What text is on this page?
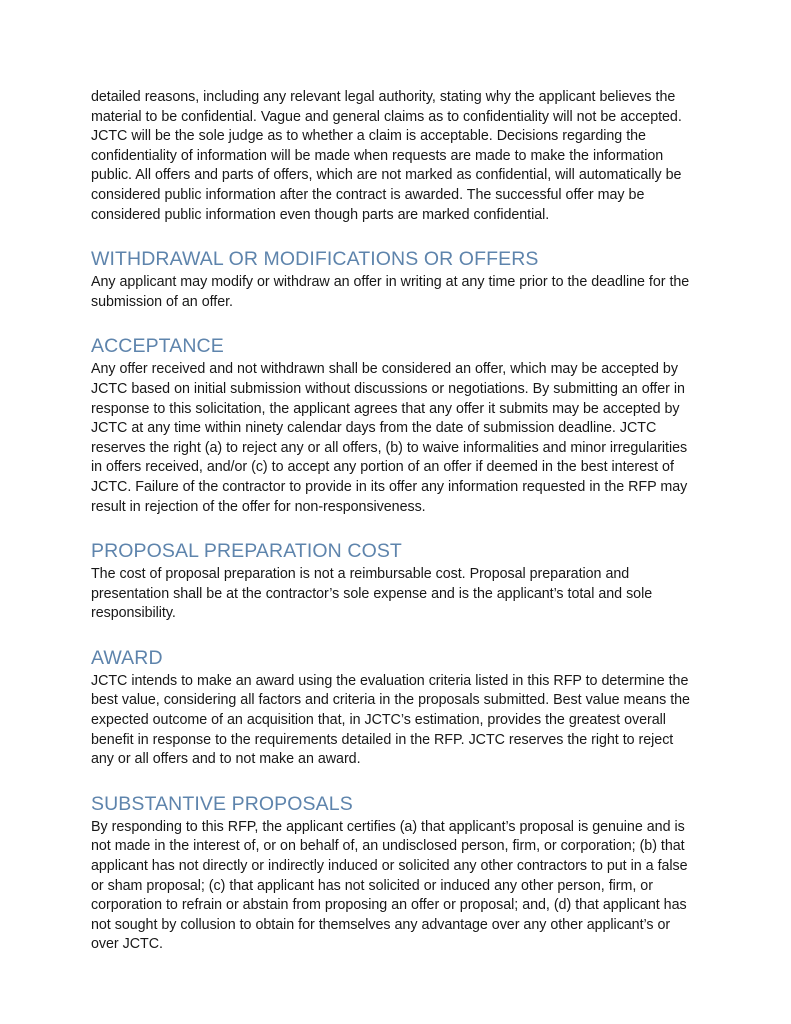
detailed reasons, including any relevant legal authority, stating why the applicant believes the material to be confidential. Vague and general claims as to confidentiality will not be accepted. JCTC will be the sole judge as to whether a claim is acceptable. Decisions regarding the confidentiality of information will be made when requests are made to make the information public. All offers and parts of offers, which are not marked as confidential, will automatically be considered public information after the contract is awarded. The successful offer may be considered public information even though parts are marked confidential.

WITHDRAWAL OR MODIFICATIONS OR OFFERS

Any applicant may modify or withdraw an offer in writing at any time prior to the deadline for the submission of an offer.

ACCEPTANCE

Any offer received and not withdrawn shall be considered an offer, which may be accepted by JCTC based on initial submission without discussions or negotiations. By submitting an offer in response to this solicitation, the applicant agrees that any offer it submits may be accepted by JCTC at any time within ninety calendar days from the date of submission deadline. JCTC reserves the right (a) to reject any or all offers, (b) to waive informalities and minor irregularities in offers received, and/or (c) to accept any portion of an offer if deemed in the best interest of JCTC. Failure of the contractor to provide in its offer any information requested in the RFP may result in rejection of the offer for non-responsiveness.

PROPOSAL PREPARATION COST

The cost of proposal preparation is not a reimbursable cost. Proposal preparation and presentation shall be at the contractor’s sole expense and is the applicant’s total and sole responsibility.

AWARD

JCTC intends to make an award using the evaluation criteria listed in this RFP to determine the best value, considering all factors and criteria in the proposals submitted. Best value means the expected outcome of an acquisition that, in JCTC’s estimation, provides the greatest overall benefit in response to the requirements detailed in the RFP. JCTC reserves the right to reject any or all offers and to not make an award.

SUBSTANTIVE PROPOSALS

By responding to this RFP, the applicant certifies (a) that applicant’s proposal is genuine and is not made in the interest of, or on behalf of, an undisclosed person, firm, or corporation; (b) that applicant has not directly or indirectly induced or solicited any other contractors to put in a false or sham proposal; (c) that applicant has not solicited or induced any other person, firm, or corporation to refrain or abstain from proposing an offer or proposal; and, (d) that applicant has not sought by collusion to obtain for themselves any advantage over any other applicant’s or over JCTC.
